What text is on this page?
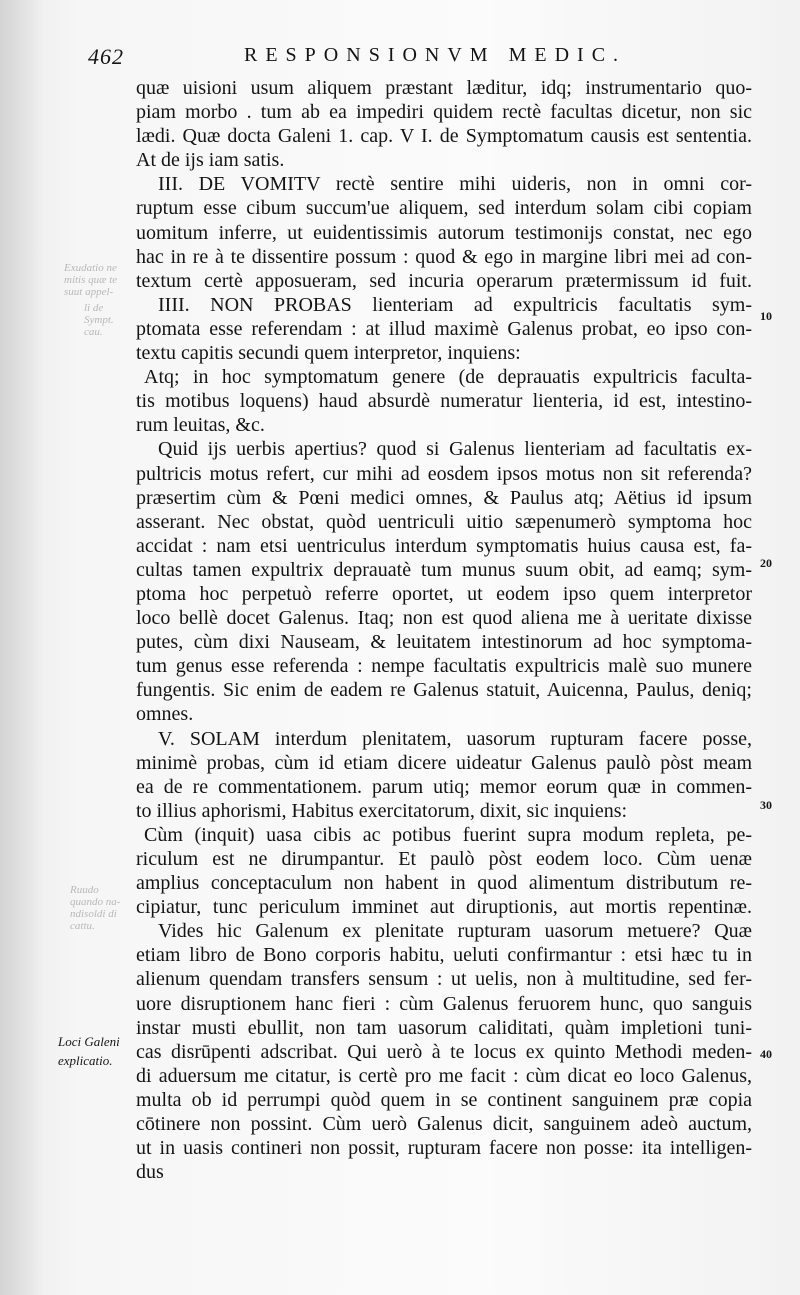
Exudatio ne mitis quæ te suut appel-
li de Sympt. cau.
Ruudo quando na- ndisoldi di cattu.
462	RESPONSIONVM MEDIC.
quæ uisioni usum aliquem præstant læditur, idq; instrumentario quo-
piam morbo . tum ab ea impediri quidem rectè facultas dicetur, non sic
lædi. Quæ docta Galeni 1. cap. V I. de Symptomatum causis est sententia.
At de ijs iam satis.
III. DE VOMITV rectè sentire mihi uideris, non in omni cor-
ruptum esse cibum succum'ue aliquem, sed interdum solam cibi copiam
uomitum inferre, ut euidentissimis autorum testimonijs constat, nec ego
hac in re à te dissentire possum : quod & ego in margine libri mei ad con-
textum certè apposueram, sed incuria operarum prætermissum id fuit.
IIII. NON PROBAS lienteriam ad expultricis facultatis sym-
ptomata esse referendam : at illud maximè Galenus probat, eo ipso con-
textu capitis secundi quem interpretor, inquiens:
Atq; in hoc symptomatum genere (de deprauatis expultricis faculta-
tis motibus loquens) haud absurdè numeratur lienteria, id est, intestino-
rum leuitas, &c.
Quid ijs uerbis apertius? quod si Galenus lienteriam ad facultatis ex-
pultricis motus refert, cur mihi ad eosdem ipsos motus non sit referenda?
præsertim cùm & Pœni medici omnes, & Paulus atq; Aëtius id ipsum
asserant. Nec obstat, quòd uentriculi uitio sæpenumerò symptoma hoc
accidat : nam etsi uentriculus interdum symptomatis huius causa est, fa-
cultas tamen expultrix deprauatè tum munus suum obit, ad eamq; sym-
ptoma hoc perpetuò referre oportet, ut eodem ipso quem interpretor
loco bellè docet Galenus. Itaq; non est quod aliena me à ueritate dixisse
putes, cùm dixi Nauseam, & leuitatem intestinorum ad hoc symptoma-
tum genus esse referenda : nempe facultatis expultricis malè suo munere
fungentis. Sic enim de eadem re Galenus statuit, Auicenna, Paulus, deniq;
omnes.
V. SOLAM interdum plenitatem, uasorum rupturam facere posse,
minimè probas, cùm id etiam dicere uideatur Galenus paulò pòst meam
ea de re commentationem. parum utiq; memor eorum quæ in commen-
to illius aphorismi, Habitus exercitatorum, dixit, sic inquiens:
Cùm (inquit) uasa cibis ac potibus fuerint supra modum repleta, pe-
riculum est ne dirumpantur. Et paulò pòst eodem loco. Cùm uenæ
amplius conceptaculum non habent in quod alimentum distributum re-
cipiatur, tunc periculum imminet aut diruptionis, aut mortis repentinæ.
Vides hic Galenum ex plenitate rupturam uasorum metuere? Quæ
etiam libro de Bono corporis habitu, ueluti confirmantur : etsi hæc tu in
alienum quendam transfers sensum : ut uelis, non à multitudine, sed fer-
uore disruptionem hanc fieri : cùm Galenus feruorem hunc, quo sanguis
instar musti ebullit, non tam uasorum caliditati, quàm impletioni tuni-
cas disrūpenti adscribat. Qui uerò à te locus ex quinto Methodi meden-
di aduersum me citatur, is certè pro me facit : cùm dicat eo loco Galenus,
multa ob id perrumpi quòd quem in se continent sanguinem præ copia
cōtinere non possint. Cùm uerò Galenus dicit, sanguinem adeò auctum,
ut in uasis contineri non possit, rupturam facere non posse: ita intelligen-
dus
Loci Galeni
explicatio.
10
20
30
40
